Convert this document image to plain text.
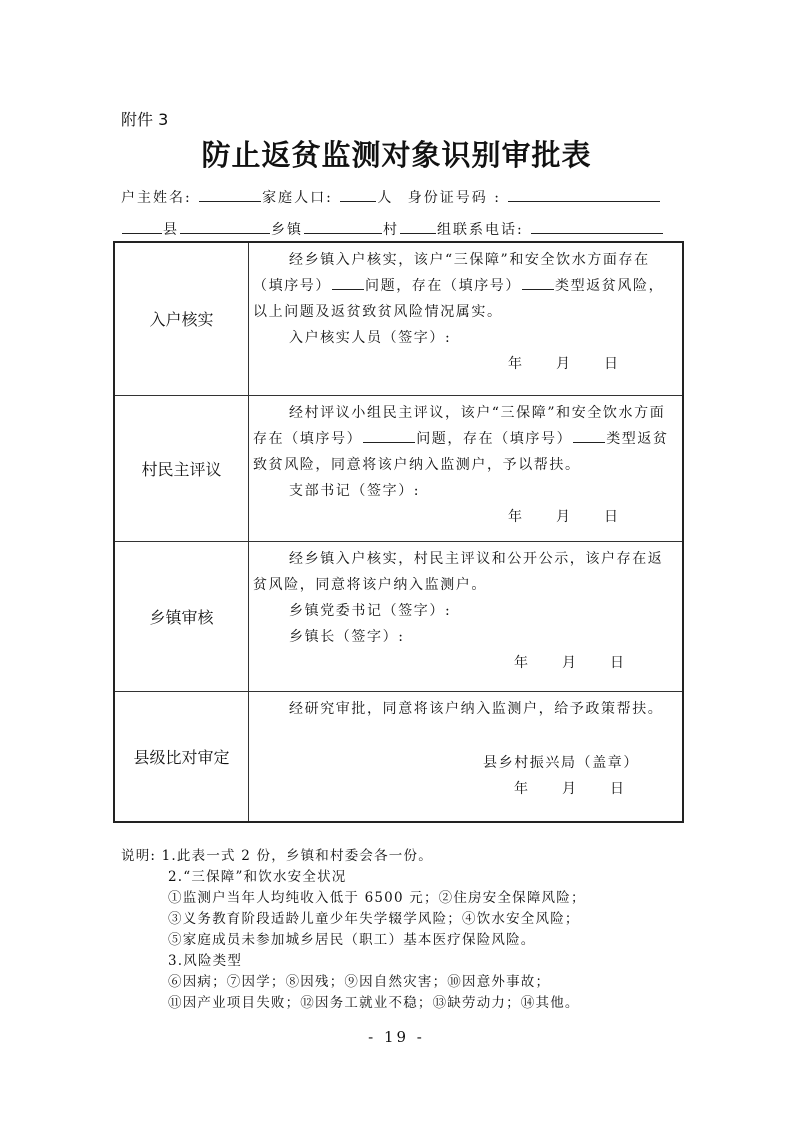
附件 3
防止返贫监测对象识别审批表
户主姓名:	家庭人口:	人 身份证号码 :
县	乡镇	村	组联系电话:
入户核实	经乡镇入户核实，该户“三保障”和安全饮水方面存在
（填序号） 问题，存在（填序号） 类型返贫风险，
以上问题及返贫致贫风险情况属实。
入户核实人员（签字）:
年 月 日

村民主评议	经村评议小组民主评议，该户“三保障”和安全饮水方面
存在（填序号） 问题，存在（填序号） 类型返贫
致贫风险，同意将该户纳入监测户，予以帮扶。
支部书记（签字）:
年 月 日

乡镇审核	经乡镇入户核实，村民主评议和公开公示，该户存在返
贫风险，同意将该户纳入监测户。
乡镇党委书记（签字）:
乡镇长（签字）:
年 月 日

县级比对审定	经研究审批，同意将该户纳入监测户，给予政策帮扶。
县乡村振兴局（盖章）
年 月 日
说明: 1.此表一式 2 份，乡镇和村委会各一份。
2.“三保障”和饮水安全状况
①监测户当年人均纯收入低于 6500 元；②住房安全保障风险；
③义务教育阶段适龄儿童少年失学辍学风险；④饮水安全风险；
⑤家庭成员未参加城乡居民（职工）基本医疗保险风险。
3.风险类型
⑥因病；⑦因学；⑧因残；⑨因自然灾害；⑩因意外事故；
⑪因产业项目失败；⑫因务工就业不稳；⑬缺劳动力；⑭其他。
- 19 -
